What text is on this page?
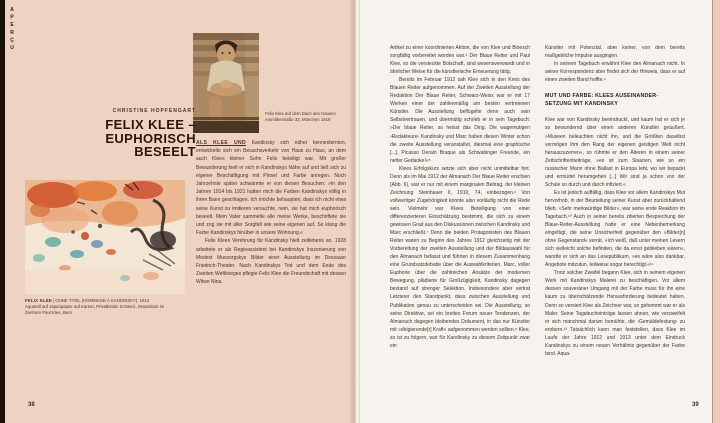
APERÇU
Felix Klee auf dem Dach des Hauses Ainmillerstraße 32, München 1919
CHRISTINE HOPFENGART
FELIX KLEE –
EUPHORISCH
BESEELT

ALS KLEE UND Kandinsky sich näher kennenlernten, entwickelte sich ein Besuchsverkehr von Haus zu Haus, an dem auch Klees kleiner Sohn Felix beteiligt war. Mit großer Bewunderung hielt er sich in Kandinskys Nähe auf und ließ sich zu eigener Beschäftigung mit Pinsel und Farbe anregen. Noch Jahrzehnte später schwärmte er von diesen Besuchen: »In den Jahren 1914 bis 1921 hatten mich die Farben Kandinskys völlig in ihren Bann geschlagen. Ich möchte behaupten, dass ich nicht etwa seine Kunst zu imitieren versuchte, nein, sie hat mich euphorisch beseelt. Mein Vater sammelte alle meine Werke, beschriftete sie und zog sie mit aller Sorgfalt wie seine eigenen auf. So klang die Farbe Kandinskys hinüber in unsere Wohnung.«

Felix Klees Verehrung für Kandinsky hielt zeitlebens an. 1928 arbeitete er als Regieassistent bei Kandinskys Inszenierung von Modest Mussorgskys Bilder einer Ausstellung im Dessauer Friedrich-Theater. Nach Kandinskys Tod und dem Ende des Zweiten Weltkrieges pflegte Felix Klee die Freundschaft mit dessen Witwe Nina.

FELIX KLEE | OHNE TITEL (HOMMAGE À KANDINSKY), 1914
Aquarell auf Japanpapier auf Karton, Privatbesitz Schweiz, Depositum im Zentrum Paul Klee, Bern
38

Artikel zu einer koordinierten Aktion, die von Klee und Bloesch sorgfältig vorbereitet worden war.⁴ Der Blaue Reiter und Paul Klee, so die versteckte Botschaft, sind wesensverwandt und in ähnlicher Weise für die künstlerische Erneuerung tätig.

Bereits im Februar 1912 sah Klee sich in den Kreis des Blauen Reiter aufgenommen. Auf der Zweiten Ausstellung der Redaktion Der Blaue Reiter, Schwarz-Weiss war er mit 17 Werken einer der zahlenmäßig am besten vertretenen Künstler. Die Ausstellung beflügelte denn auch sein Selbstvertrauen, und übermütig schrieb er in sein Tagebuch: »Der blaue Reiter, so heisst das Ding. Die wagemutigen ›Redakteure‹ Kandinsky und Marc haben diesen Winter schon die zweite Ausstellung veranstaltet, diesmal eine graphische [...]. Picasso Derain Braque als Schwabinger Freunde, ein netter Gedanke!«⁵

Klees Erfolgskurs setzte sich aber nicht unmittelbar fort. Denn als im Mai 1912 der Almanach Der Blaue Reiter erschien (Abb. 6), war er nur mit einem marginalen Beitrag, der kleinen Zeichnung Steinhauer II, 1910, 74, einbezogen.⁶ Von vollwertiger Zugehörigkeit konnte also vorläufig nicht die Rede sein. Vielmehr war Klees Beteiligung von einer differenzierteren Einschätzung bestimmt, die sich zu einem gewissen Grad aus den Diskussionen zwischen Kandinsky und Marc erschließt.⁷ Denn die beiden Protagonisten des Blauen Reiter waren zu Beginn des Jahres 1912 gleichzeitig mit der Vorbereitung der zweiten Ausstellung und der Bildauswahl für den Almanach befasst und führten in diesem Zusammenhang eine Grundsatzdebatte über die Auswahlkriterien. Marc, voller Euphorie über die zahlreichen Ansätze der modernen Bewegung, plädierte für Großzügigkeit, Kandinsky dagegen bestand auf strenger Selektion. Insbesondere aber vertrat Letzterer den Standpunkt, dass zwischen Ausstellung und Publikation genau zu unterscheiden sei. Die Ausstellung, so seine Direktive, sei ein breites Forum neuer Tendenzen, der Almanach dagegen bleibendes Dokument, in das nur Künstler mit »dirigierende[r] Kraft« aufgenommen werden sollten.⁸ Klee, so ist zu folgern, war für Kandinsky zu diesem Zeitpunkt zwar ein

Künstler mit Potenzial, aber keiner, von dem bereits maßgebliche Impulse ausgingen.

In seinem Tagebuch erwähnt Klee den Almanach nicht. In seiner Korrespondenz aber findet sich der Hinweis, dass er auf einen zweiten Band hoffte.⁹

MUT UND FARBE: KLEES AUSEINANDER-
SETZUNG MIT KANDINSKY

Klee war von Kandinsky beeindruckt, und kaum hat er sich je so bewundernd über einen anderen Künstler geäußert. »Museen beleuchten nicht ihn, und die Größten daselbst vermögen ihm den Rang der eigenen geistigen Welt nicht herauszuzerren«, so rühmte er den Älteren in einem seiner Zeitschriftenbeiträge, »es ist zum Staunen, wie so ein russischer Mann ohne Ballast in Europa lebt, wo wir bepackt und ermüdet herumgehen [...] Wir sind ja schon von der Schule so durch und durch infiziert.«

Es ist jedoch auffällig, dass Klee vor allem Kandinskys Mut hervorhob, in der Beurteilung seiner Kunst aber zurückhaltend blieb. »Sehr merkwürdige Bilder«, war seine erste Reaktion im Tagebuch.¹⁰ Auch in seiner bereits zitierten Besprechung der Blaue-Reiter-Ausstellung hatte er eine Nebenbemerkung eingefügt, die seine Unsicherheit gegenüber den »Bilder[n] ohne Gegenstand« verrät. »Ich weiß, daß unter meinen Lesern sich vielleicht solche befinden, die da ernst geblieben wären«, wandte er sich an das Lesepublikum, »es wäre also dankbar, Angebote mitzutun, teilweise sogar berechtigt.«¹¹

Trotz solcher Zweifel begann Klee, sich in seinem eigenen Werk mit Kandinskys Malerei zu beschäftigen. Vor allem dessen souveräner Umgang mit der Farbe muss für ihn eine kaum zu überschätzende Herausforderung bedeutet haben. Denn so versiert Klee als Zeichner war, so gehemmt war er als Maler. Seine Tagebucheinträge lassen ahnen, wie verzweifelt er sich manchmal darum bemühte, die ›Gemäldefestung‹ zu erobern.¹² Tatsächlich kann man feststellen, dass Klee im Laufe der Jahre 1912 und 1913 unter dem Eindruck Kandinskys zu einem neuen Verhältnis gegenüber der Farbe fand. Aqua-

39
